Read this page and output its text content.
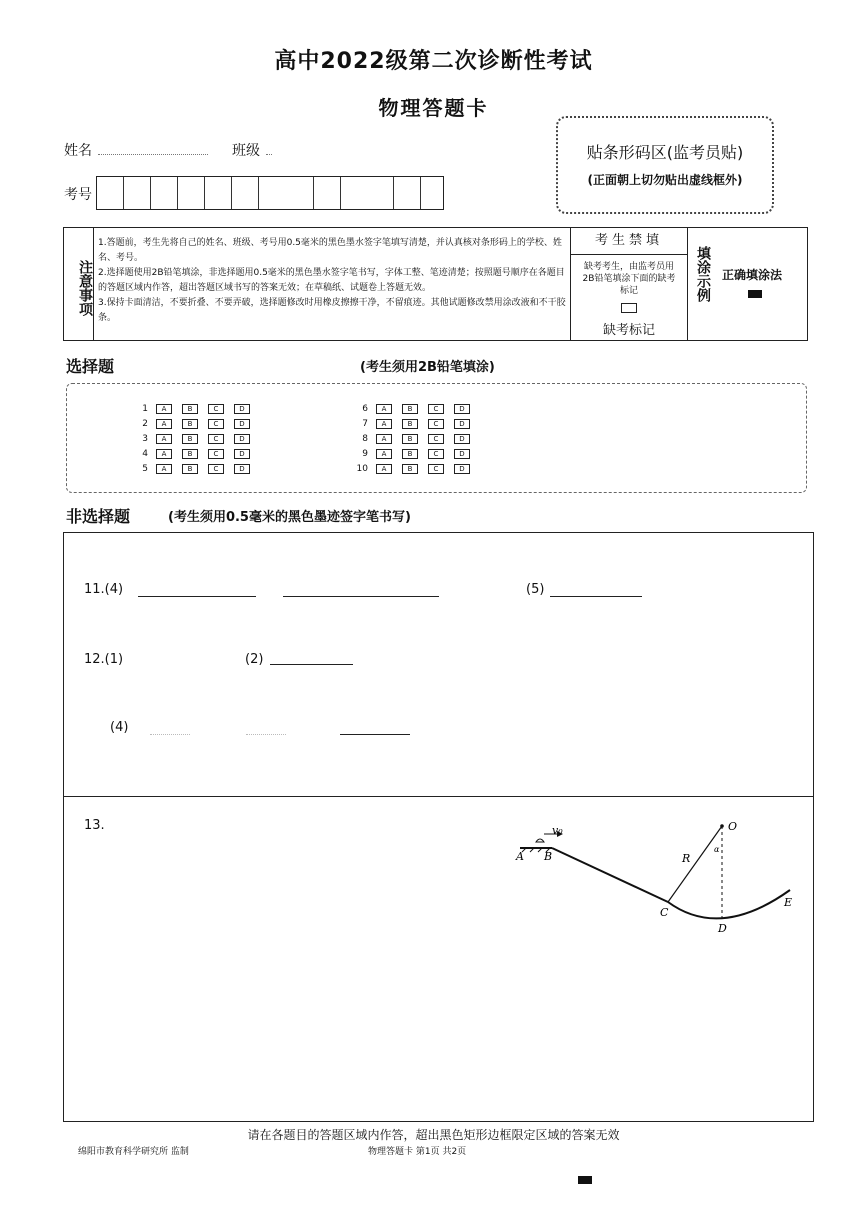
高中2022级第二次诊断性考试
物理答题卡
姓名	班级
考号
贴条形码区(监考员贴)
(正面朝上切勿贴出虚线框外)
注意事项
1.答题前，考生先将自己的姓名、班级、考号用0.5毫米的黑色墨水签字笔填写清楚，并认真核对条形码上的学校、姓名、考号。
2.选择题使用2B铅笔填涂，非选择题用0.5毫米的黑色墨水签字笔书写，字体工整、笔迹清楚；按照题号顺序在各题目的答题区域内作答，超出答题区域书写的答案无效；在草稿纸、试题卷上答题无效。
3.保持卡面清洁，不要折叠、不要弄破，选择题修改时用橡皮擦擦干净，不留痕迹。其他试题修改禁用涂改液和不干胶条。
考生禁填
缺考考生，由监考员用2B铅笔填涂下面的缺考标记
缺考标记
填涂示例 正确填涂法
选择题	(考生须用2B铅笔填涂)
1	A	B	C	D
2	A	B	C	D
3	A	B	C	D
4	A	B	C	D
5	A	B	C	D
6	A	B	C	D
7	A	B	C	D
8	A	B	C	D
9	A	B	C	D
10	A	B	C	D
非选择题	(考生须用0.5毫米的黑色墨迹签字笔书写)
11.(4)	(5)
12.(1)	(2)
(4)
13.	v₀
A B
C
D
E
O
R
α
请在各题目的答题区域内作答，超出黑色矩形边框限定区域的答案无效
绵阳市教育科学研究所 监制	物理答题卡 第1页 共2页
